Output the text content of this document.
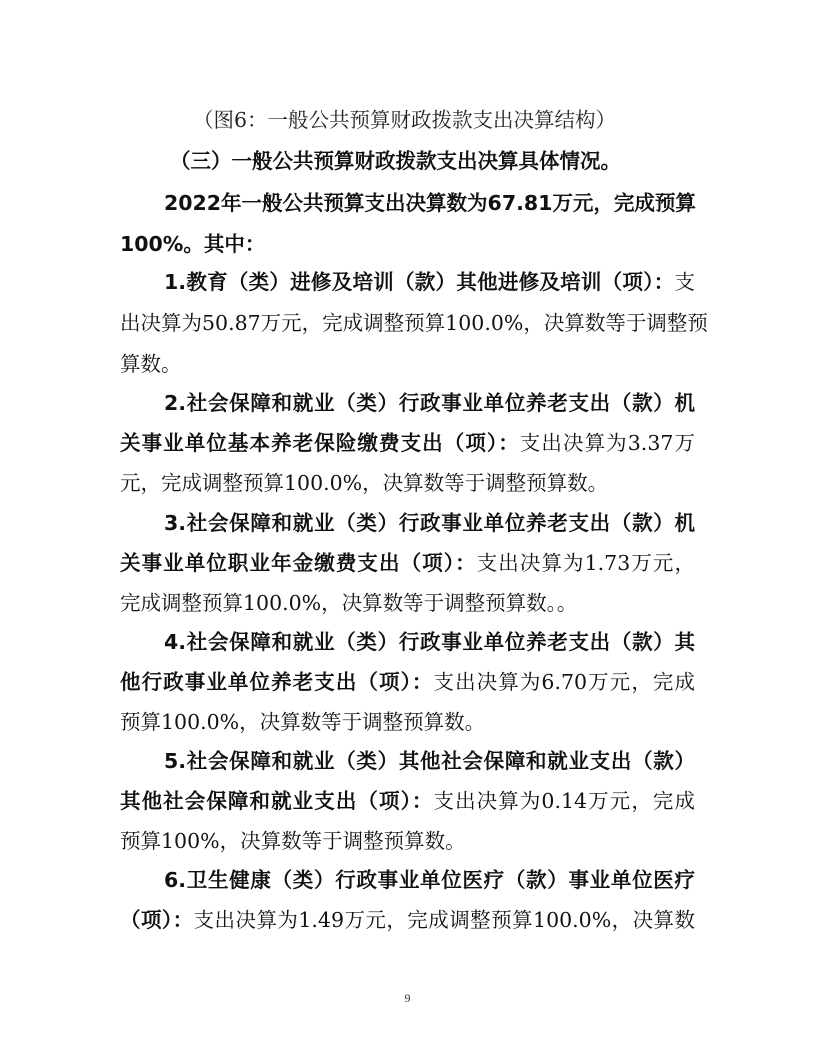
（图6：一般公共预算财政拨款支出决算结构）
（三）一般公共预算财政拨款支出决算具体情况。
2022年一般公共预算支出决算数为67.81万元，完成预算
100%。其中：
1.教育（类）进修及培训（款）其他进修及培训（项）：支
出决算为50.87万元，完成调整预算100.0%，决算数等于调整预
算数。
2.社会保障和就业（类）行政事业单位养老支出（款）机
关事业单位基本养老保险缴费支出（项）：支出决算为3.37万
元，完成调整预算100.0%，决算数等于调整预算数。
3.社会保障和就业（类）行政事业单位养老支出（款）机
关事业单位职业年金缴费支出（项）：支出决算为1.73万元，
完成调整预算100.0%，决算数等于调整预算数。。
4.社会保障和就业（类）行政事业单位养老支出（款）其
他行政事业单位养老支出（项）：支出决算为6.70万元，完成
预算100.0%，决算数等于调整预算数。
5.社会保障和就业（类）其他社会保障和就业支出（款）
其他社会保障和就业支出（项）：支出决算为0.14万元，完成
预算100%，决算数等于调整预算数。
6.卫生健康（类）行政事业单位医疗（款）事业单位医疗
（项）：支出决算为1.49万元，完成调整预算100.0%，决算数
9
